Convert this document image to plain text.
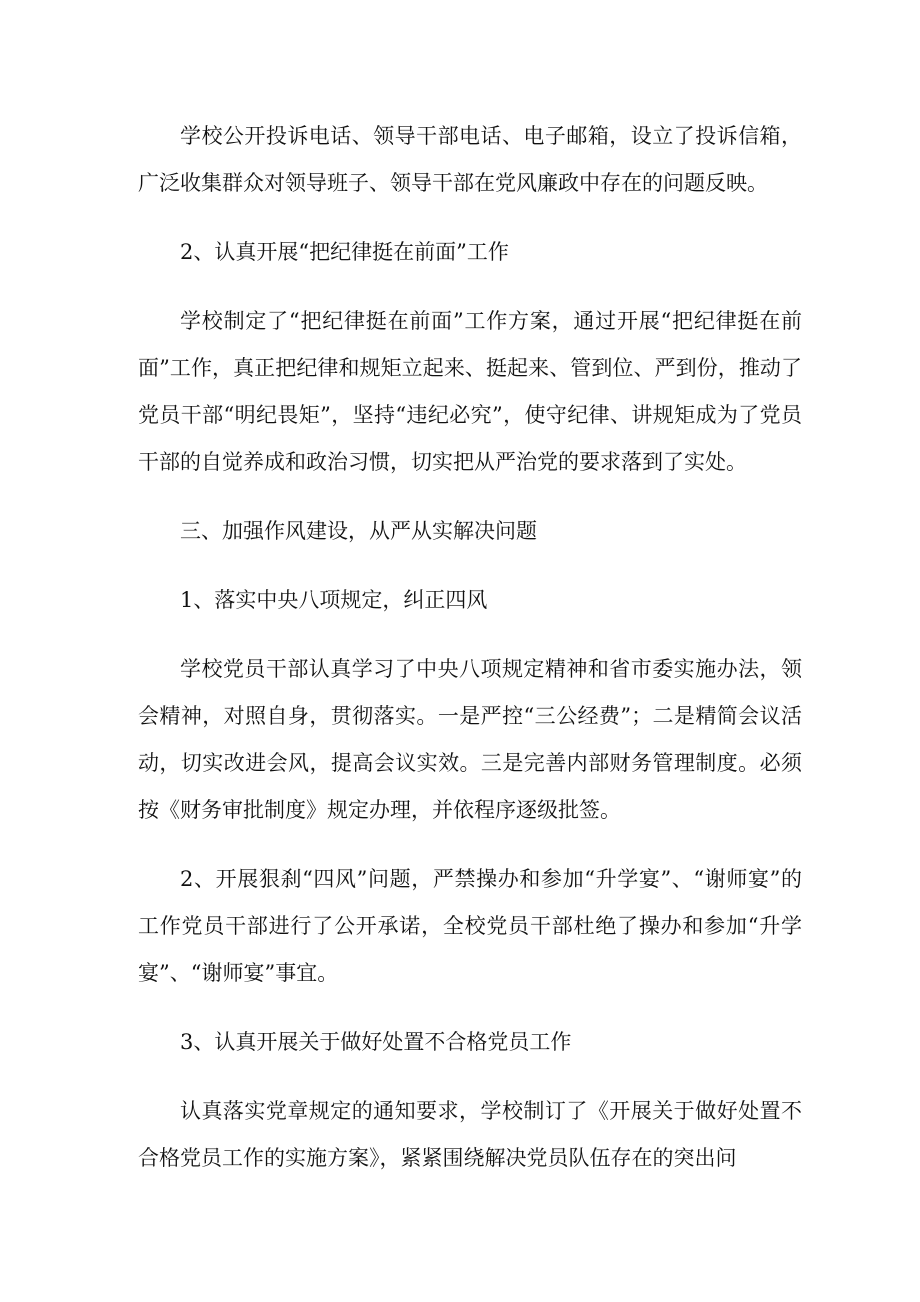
学校公开投诉电话、领导干部电话、电子邮箱，设立了投诉信箱，广泛收集群众对领导班子、领导干部在党风廉政中存在的问题反映。

2、认真开展“把纪律挺在前面”工作

学校制定了“把纪律挺在前面”工作方案，通过开展“把纪律挺在前面”工作，真正把纪律和规矩立起来、挺起来、管到位、严到份，推动了党员干部“明纪畏矩”，坚持“违纪必究”，使守纪律、讲规矩成为了党员干部的自觉养成和政治习惯，切实把从严治党的要求落到了实处。

三、加强作风建设，从严从实解决问题

1、落实中央八项规定，纠正四风

学校党员干部认真学习了中央八项规定精神和省市委实施办法，领会精神，对照自身，贯彻落实。一是严控“三公经费”；二是精简会议活动，切实改进会风，提高会议实效。三是完善内部财务管理制度。必须按《财务审批制度》规定办理，并依程序逐级批签。

2、开展狠刹“四风”问题，严禁操办和参加“升学宴”、“谢师宴”的工作党员干部进行了公开承诺，全校党员干部杜绝了操办和参加“升学宴”、“谢师宴”事宜。

3、认真开展关于做好处置不合格党员工作

认真落实党章规定的通知要求，学校制订了《开展关于做好处置不合格党员工作的实施方案》，紧紧围绕解决党员队伍存在的突出问
